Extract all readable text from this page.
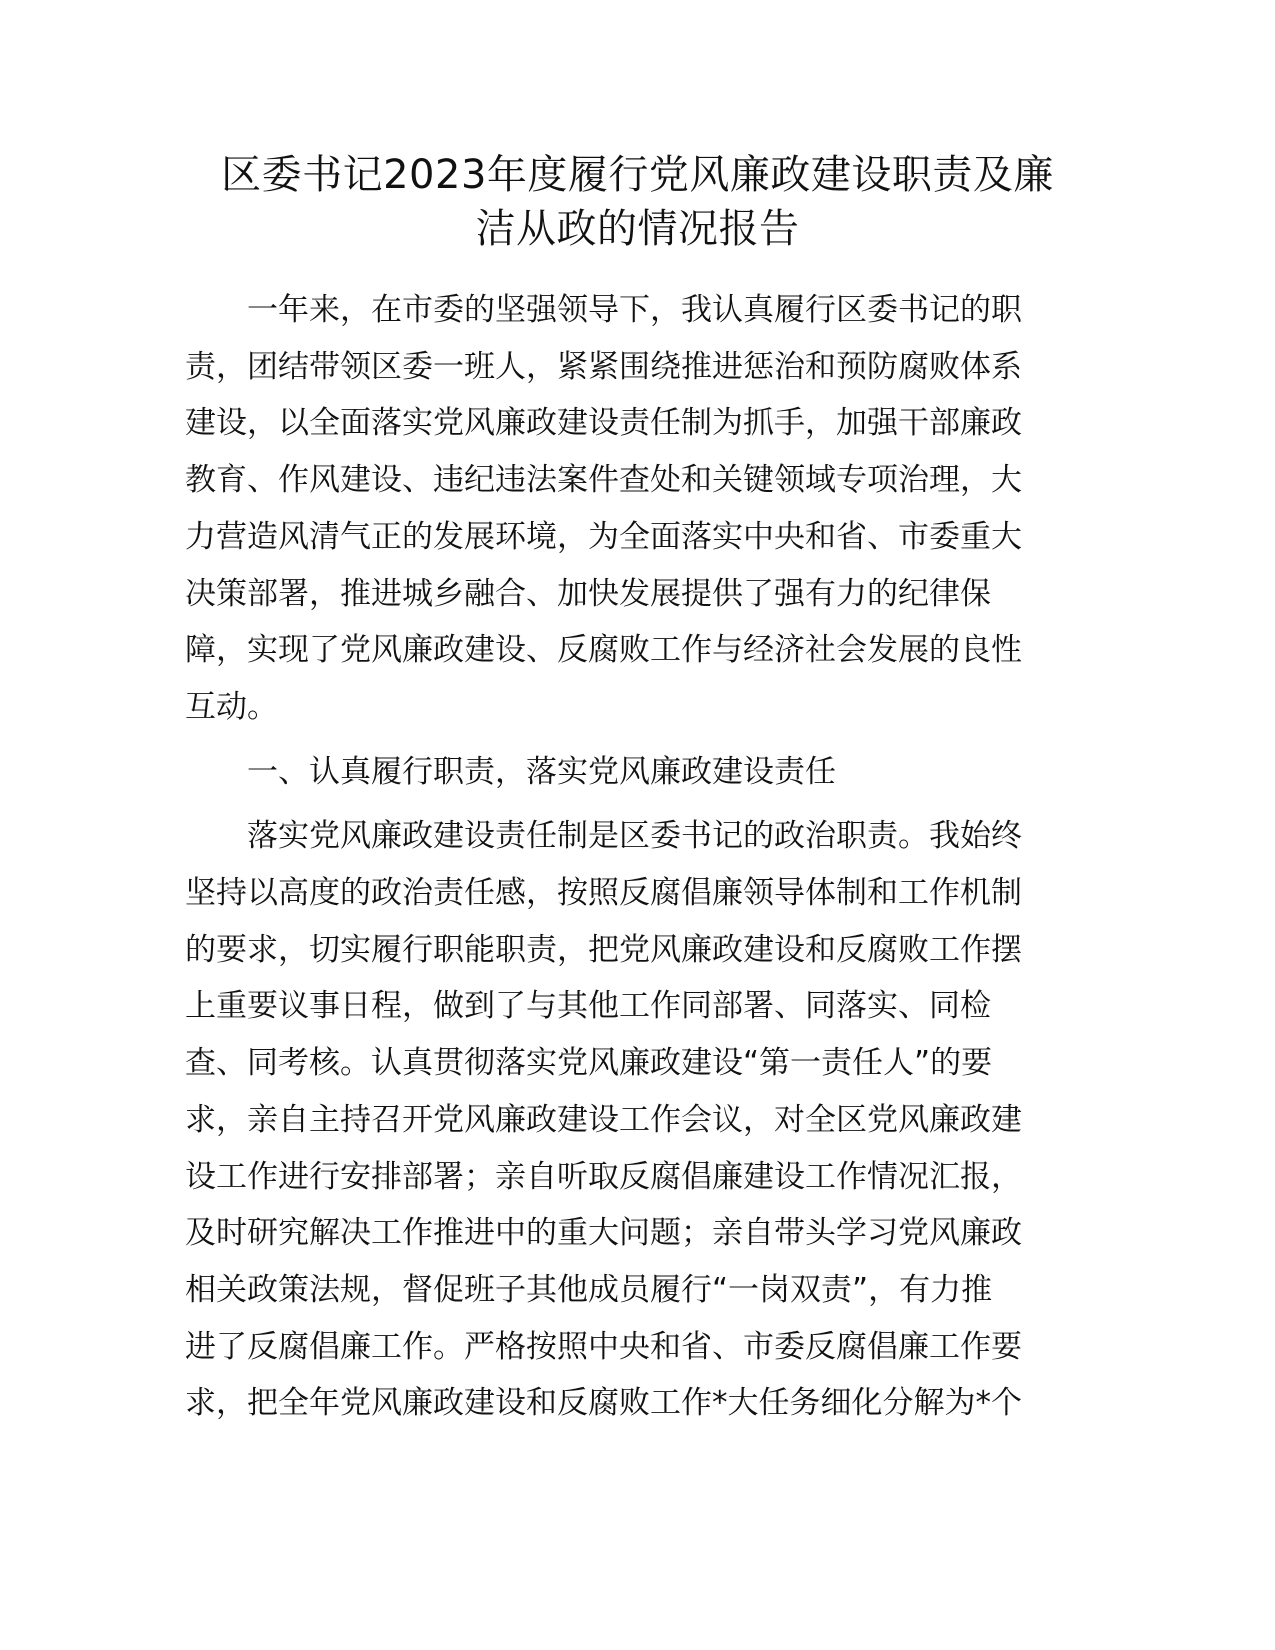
区委书记2023年度履行党风廉政建设职责及廉
洁从政的情况报告

一年来，在市委的坚强领导下，我认真履行区委书记的职
责，团结带领区委一班人，紧紧围绕推进惩治和预防腐败体系
建设，以全面落实党风廉政建设责任制为抓手，加强干部廉政
教育、作风建设、违纪违法案件查处和关键领域专项治理，大
力营造风清气正的发展环境，为全面落实中央和省、市委重大
决策部署，推进城乡融合、加快发展提供了强有力的纪律保
障，实现了党风廉政建设、反腐败工作与经济社会发展的良性
互动。

一、认真履行职责，落实党风廉政建设责任

落实党风廉政建设责任制是区委书记的政治职责。我始终
坚持以高度的政治责任感，按照反腐倡廉领导体制和工作机制
的要求，切实履行职能职责，把党风廉政建设和反腐败工作摆
上重要议事日程，做到了与其他工作同部署、同落实、同检
查、同考核。认真贯彻落实党风廉政建设“第一责任人”的要
求，亲自主持召开党风廉政建设工作会议，对全区党风廉政建
设工作进行安排部署；亲自听取反腐倡廉建设工作情况汇报，
及时研究解决工作推进中的重大问题；亲自带头学习党风廉政
相关政策法规，督促班子其他成员履行“一岗双责”，有力推
进了反腐倡廉工作。严格按照中央和省、市委反腐倡廉工作要
求，把全年党风廉政建设和反腐败工作*大任务细化分解为*个
